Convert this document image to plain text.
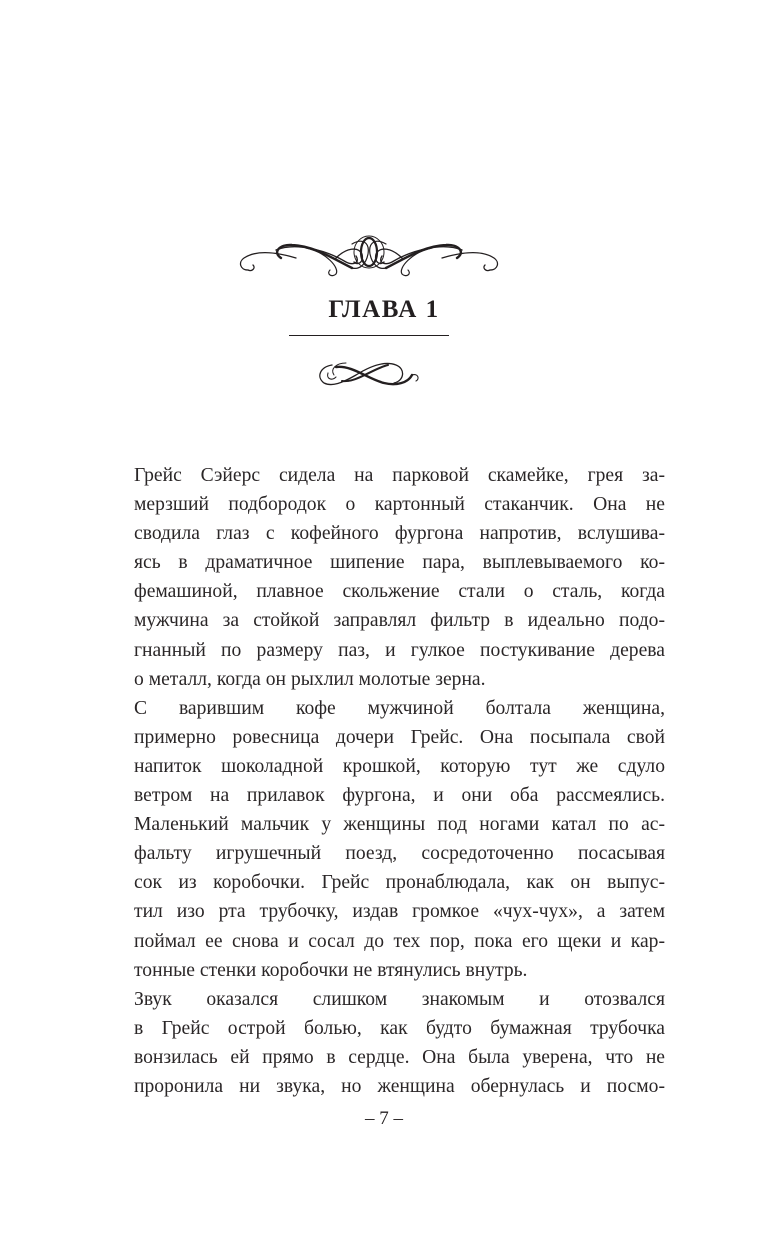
ГЛАВА 1

Грейс Сэйерс сидела на парковой скамейке, грея за-
мерзший подбородок о картонный стаканчик. Она не
сводила глаз с кофейного фургона напротив, вслушива-
ясь в драматичное шипение пара, выплевываемого ко-
фемашиной, плавное скольжение стали о сталь, когда
мужчина за стойкой заправлял фильтр в идеально подо-
гнанный по размеру паз, и гулкое постукивание дерева
о металл, когда он рыхлил молотые зерна.

С варившим кофе мужчиной болтала женщина,
примерно ровесница дочери Грейс. Она посыпала свой
напиток шоколадной крошкой, которую тут же сдуло
ветром на прилавок фургона, и они оба рассмеялись.
Маленький мальчик у женщины под ногами катал по ас-
фальту игрушечный поезд, сосредоточенно посасывая
сок из коробочки. Грейс пронаблюдала, как он выпус-
тил изо рта трубочку, издав громкое «чух-чух», а затем
поймал ее снова и сосал до тех пор, пока его щеки и кар-
тонные стенки коробочки не втянулись внутрь.

Звук оказался слишком знакомым и отозвался
в Грейс острой болью, как будто бумажная трубочка
вонзилась ей прямо в сердце. Она была уверена, что не
проронила ни звука, но женщина обернулась и посмо-

– 7 –
